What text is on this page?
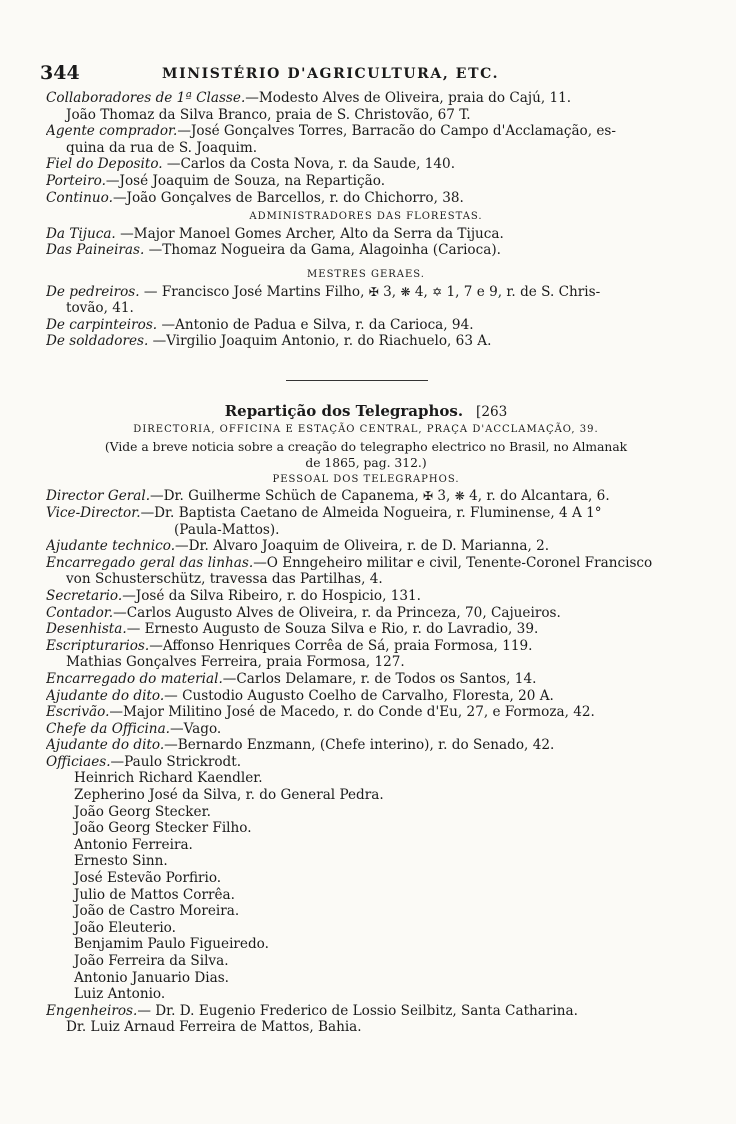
344	MINISTÉRIO D'AGRICULTURA, ETC.
Collaboradores de 1ª Classe.—Modesto Alves de Oliveira, praia do Cajú, 11.
João Thomaz da Silva Branco, praia de S. Christovão, 67 T.
Agente comprador.—José Gonçalves Torres, Barracão do Campo d'Acclamação, es-
quina da rua de S. Joaquim.
Fiel do Deposito. —Carlos da Costa Nova, r. da Saude, 140.
Porteiro.—José Joaquim de Souza, na Repartição.
Continuo.—João Gonçalves de Barcellos, r. do Chichorro, 38.
ADMINISTRADORES DAS FLORESTAS.
Da Tijuca. —Major Manoel Gomes Archer, Alto da Serra da Tijuca.
Das Paineiras. —Thomaz Nogueira da Gama, Alagoinha (Carioca).
MESTRES GERAES.
De pedreiros. — Francisco José Martins Filho, ✠ 3, ❋ 4, ✡ 1, 7 e 9, r. de S. Chris-
tovão, 41.
De carpinteiros. —Antonio de Padua e Silva, r. da Carioca, 94.
De soldadores. —Virgilio Joaquim Antonio, r. do Riachuelo, 63 A.
Repartição dos Telegraphos. [263
DIRECTORIA, OFFICINA E ESTAÇÃO CENTRAL, PRAÇA D'ACCLAMAÇÃO, 39.
(Vide a breve noticia sobre a creação do telegrapho electrico no Brasil, no Almanak
de 1865, pag. 312.)
PESSOAL DOS TELEGRAPHOS.
Director Geral.—Dr. Guilherme Schüch de Capanema, ✠ 3, ❋ 4, r. do Alcantara, 6.
Vice-Director.—Dr. Baptista Caetano de Almeida Nogueira, r. Fluminense, 4 A 1°
(Paula-Mattos).
Ajudante technico.—Dr. Alvaro Joaquim de Oliveira, r. de D. Marianna, 2.
Encarregado geral das linhas.—O Enngeheiro militar e civil, Tenente-Coronel Francisco
von Schusterschütz, travessa das Partilhas, 4.
Secretario.—José da Silva Ribeiro, r. do Hospicio, 131.
Contador.—Carlos Augusto Alves de Oliveira, r. da Princeza, 70, Cajueiros.
Desenhista.— Ernesto Augusto de Souza Silva e Rio, r. do Lavradio, 39.
Escripturarios.—Affonso Henriques Corrêa de Sá, praia Formosa, 119.
Mathias Gonçalves Ferreira, praia Formosa, 127.
Encarregado do material.—Carlos Delamare, r. de Todos os Santos, 14.
Ajudante do dito.— Custodio Augusto Coelho de Carvalho, Floresta, 20 A.
Escrivão.—Major Militino José de Macedo, r. do Conde d'Eu, 27, e Formoza, 42.
Chefe da Officina.—Vago.
Ajudante do dito.—Bernardo Enzmann, (Chefe interino), r. do Senado, 42.
Officiaes.—Paulo Strickrodt.
Heinrich Richard Kaendler.
Zepherino José da Silva, r. do General Pedra.
João Georg Stecker.
João Georg Stecker Filho.
Antonio Ferreira.
Ernesto Sinn.
José Estevão Porfirio.
Julio de Mattos Corrêa.
João de Castro Moreira.
João Eleuterio.
Benjamim Paulo Figueiredo.
João Ferreira da Silva.
Antonio Januario Dias.
Luiz Antonio.
Engenheiros.— Dr. D. Eugenio Frederico de Lossio Seilbitz, Santa Catharina.
Dr. Luiz Arnaud Ferreira de Mattos, Bahia.
